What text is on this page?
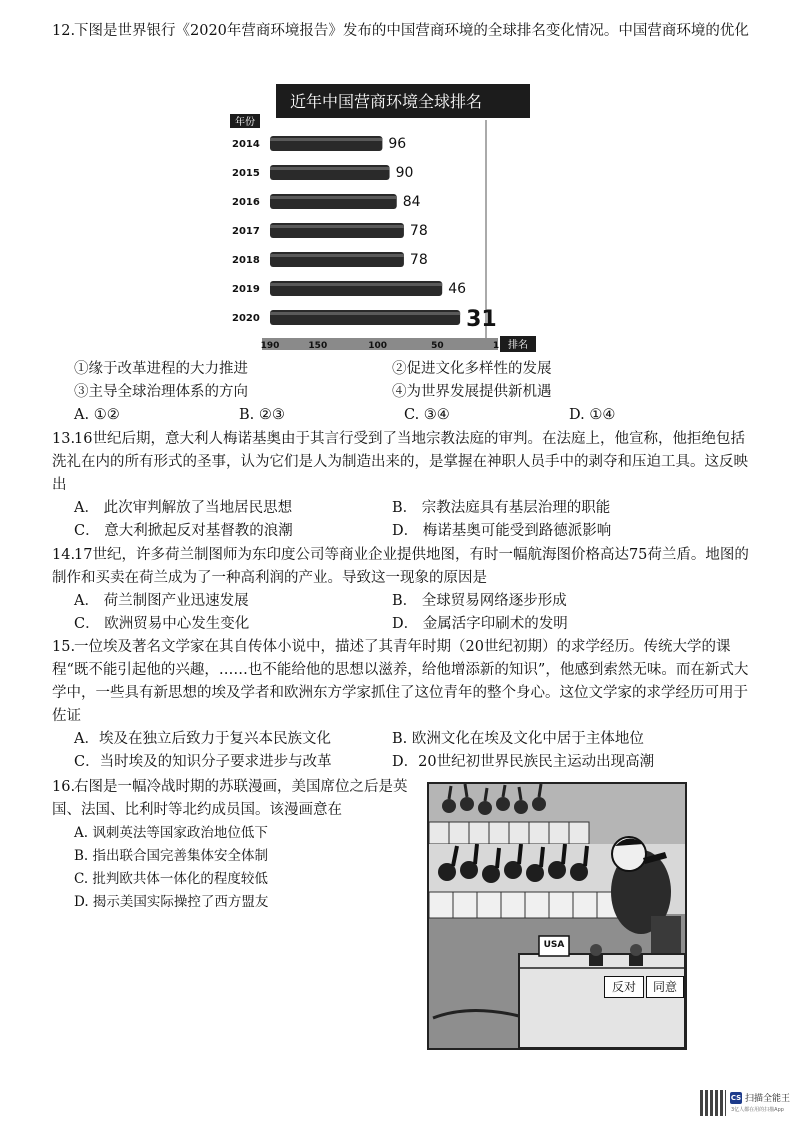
12.下图是世界银行《2020年营商环境报告》发布的中国营商环境的全球排名变化情况。中国营商环境的优化
近年中国营商环境全球排名
年份
排名
190	150	100	50	1
2014	96
2015	90
2016	84
2017	78
2018	78
2019	46
2020	31
①缘于改革进程的大力推进	②促进文化多样性的发展
③主导全球治理体系的方向	④为世界发展提供新机遇
A. ①②	B. ②③	C. ③④	D. ①④
13.16世纪后期，意大利人梅诺基奥由于其言行受到了当地宗教法庭的审判。在法庭上，他宣称，他拒绝包括洗礼在内的所有形式的圣事，认为它们是人为制造出来的，是掌握在神职人员手中的剥夺和压迫工具。这反映出
A． 此次审判解放了当地居民思想	B． 宗教法庭具有基层治理的职能
C． 意大利掀起反对基督教的浪潮	D． 梅诺基奥可能受到路德派影响
14.17世纪，许多荷兰制图师为东印度公司等商业企业提供地图，有时一幅航海图价格高达75荷兰盾。地图的制作和买卖在荷兰成为了一种高利润的产业。导致这一现象的原因是
A． 荷兰制图产业迅速发展	B． 全球贸易网络逐步形成
C． 欧洲贸易中心发生变化	D． 金属活字印刷术的发明
15.一位埃及著名文学家在其自传体小说中，描述了其青年时期（20世纪初期）的求学经历。传统大学的课程“既不能引起他的兴趣，……也不能给他的思想以滋养，给他增添新的知识”，他感到索然无味。而在新式大学中，一些具有新思想的埃及学者和欧洲东方学家抓住了这位青年的整个身心。这位文学家的求学经历可用于佐证
A．埃及在独立后致力于复兴本民族文化	B. 欧洲文化在埃及文化中居于主体地位
C．当时埃及的知识分子要求进步与改革	D．20世纪初世界民族民主运动出现高潮
16.右图是一幅冷战时期的苏联漫画，美国席位之后是英国、法国、比利时等北约成员国。该漫画意在
A. 讽刺英法等国家政治地位低下
B. 指出联合国完善集体安全体制
C. 批判欧共体一体化的程度较低
D. 揭示美国实际操控了西方盟友
USA
反对	同意
CS 扫描全能王
3亿人都在用的扫描App
